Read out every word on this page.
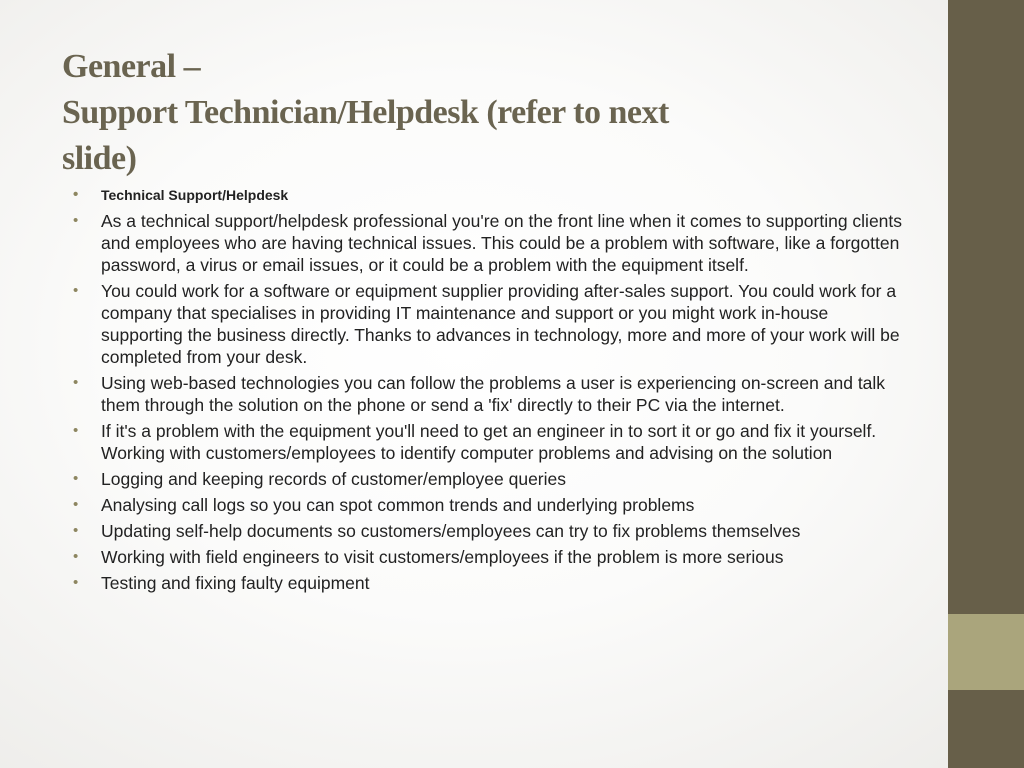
General –
Support Technician/Helpdesk (refer to next
slide)
• Technical Support/Helpdesk
• As a technical support/helpdesk professional you're on the front line when it comes to supporting clients and employees who are having technical issues. This could be a problem with software, like a forgotten password, a virus or email issues, or it could be a problem with the equipment itself.
• You could work for a software or equipment supplier providing after-sales support. You could work for a company that specialises in providing IT maintenance and support or you might work in-house supporting the business directly. Thanks to advances in technology, more and more of your work will be completed from your desk.
• Using web-based technologies you can follow the problems a user is experiencing on-screen and talk them through the solution on the phone or send a 'fix' directly to their PC via the internet.
• If it's a problem with the equipment you'll need to get an engineer in to sort it or go and fix it yourself.
Working with customers/employees to identify computer problems and advising on the solution
• Logging and keeping records of customer/employee queries
• Analysing call logs so you can spot common trends and underlying problems
• Updating self-help documents so customers/employees can try to fix problems themselves
• Working with field engineers to visit customers/employees if the problem is more serious
• Testing and fixing faulty equipment
